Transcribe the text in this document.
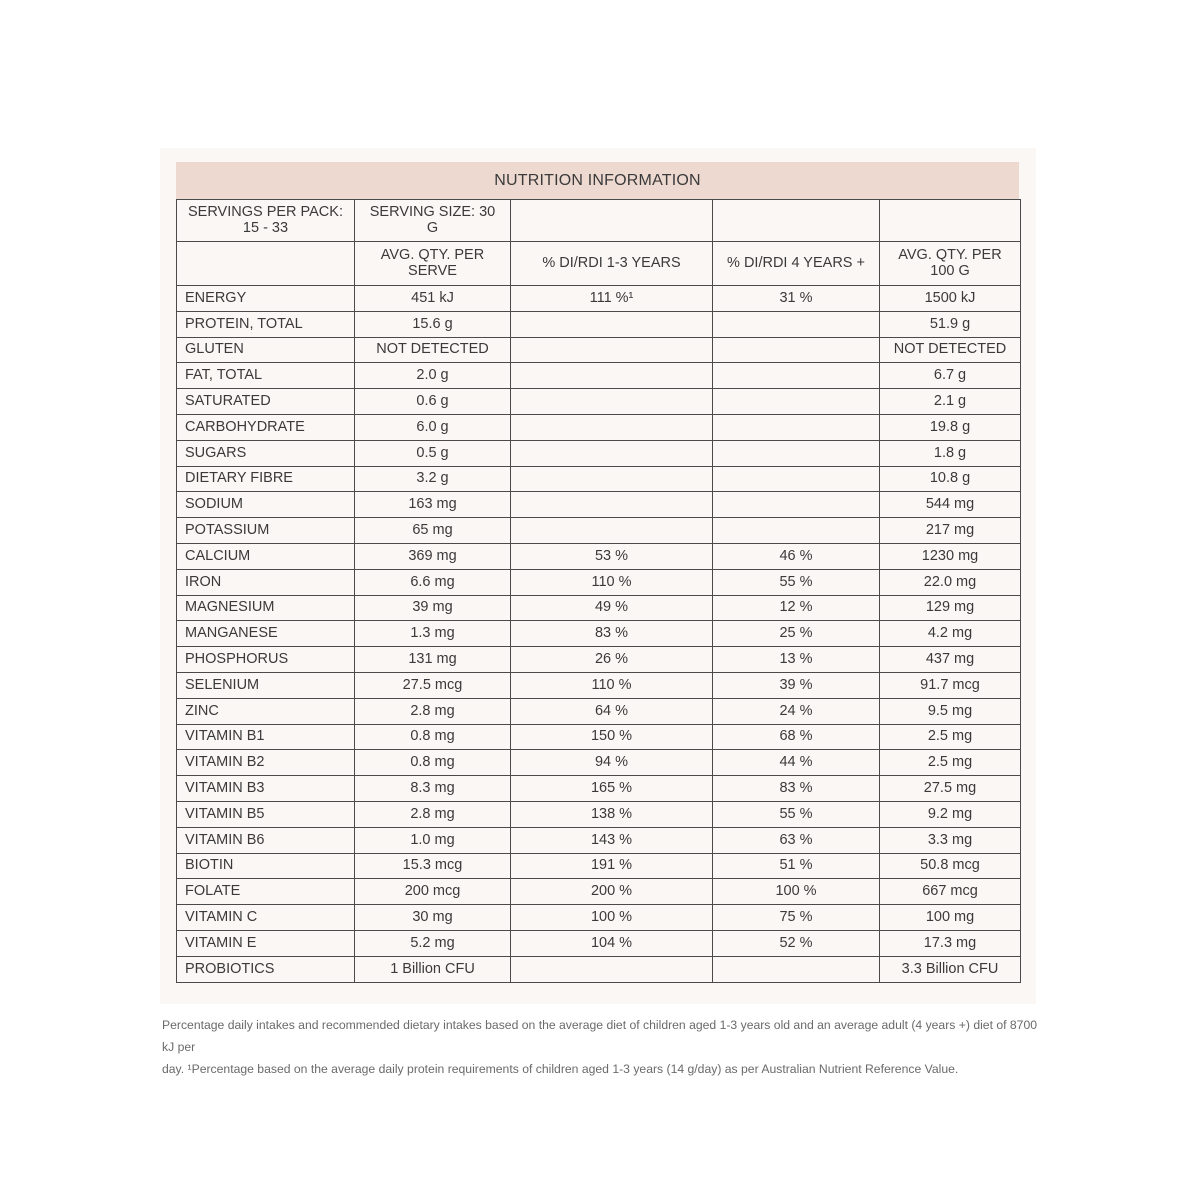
NUTRITION INFORMATION
SERVINGS PER PACK: 15 - 33	SERVING SIZE: 30 G			
	AVG. QTY. PER SERVE	% DI/RDI 1-3 YEARS	% DI/RDI 4 YEARS +	AVG. QTY. PER 100 G
ENERGY	451 kJ	111 %¹	31 %	1500 kJ
PROTEIN, TOTAL	15.6 g			51.9 g
GLUTEN	NOT DETECTED			NOT DETECTED
FAT, TOTAL	2.0 g			6.7 g
SATURATED	0.6 g			2.1 g
CARBOHYDRATE	6.0 g			19.8 g
SUGARS	0.5 g			1.8 g
DIETARY FIBRE	3.2 g			10.8 g
SODIUM	163 mg			544 mg
POTASSIUM	65 mg			217 mg
CALCIUM	369 mg	53 %	46 %	1230 mg
IRON	6.6 mg	110 %	55 %	22.0 mg
MAGNESIUM	39 mg	49 %	12 %	129 mg
MANGANESE	1.3 mg	83 %	25 %	4.2 mg
PHOSPHORUS	131 mg	26 %	13 %	437 mg
SELENIUM	27.5 mcg	110 %	39 %	91.7 mcg
ZINC	2.8 mg	64 %	24 %	9.5 mg
VITAMIN B1	0.8 mg	150 %	68 %	2.5 mg
VITAMIN B2	0.8 mg	94 %	44 %	2.5 mg
VITAMIN B3	8.3 mg	165 %	83 %	27.5 mg
VITAMIN B5	2.8 mg	138 %	55 %	9.2 mg
VITAMIN B6	1.0 mg	143 %	63 %	3.3 mg
BIOTIN	15.3 mcg	191 %	51 %	50.8 mcg
FOLATE	200 mcg	200 %	100 %	667 mcg
VITAMIN C	30 mg	100 %	75 %	100 mg
VITAMIN E	5.2 mg	104 %	52 %	17.3 mg
PROBIOTICS	1 Billion CFU			3.3 Billion CFU

Percentage daily intakes and recommended dietary intakes based on the average diet of children aged 1-3 years old and an average adult (4 years +) diet of 8700 kJ per

day. ¹Percentage based on the average daily protein requirements of children aged 1-3 years (14 g/day) as per Australian Nutrient Reference Value.
